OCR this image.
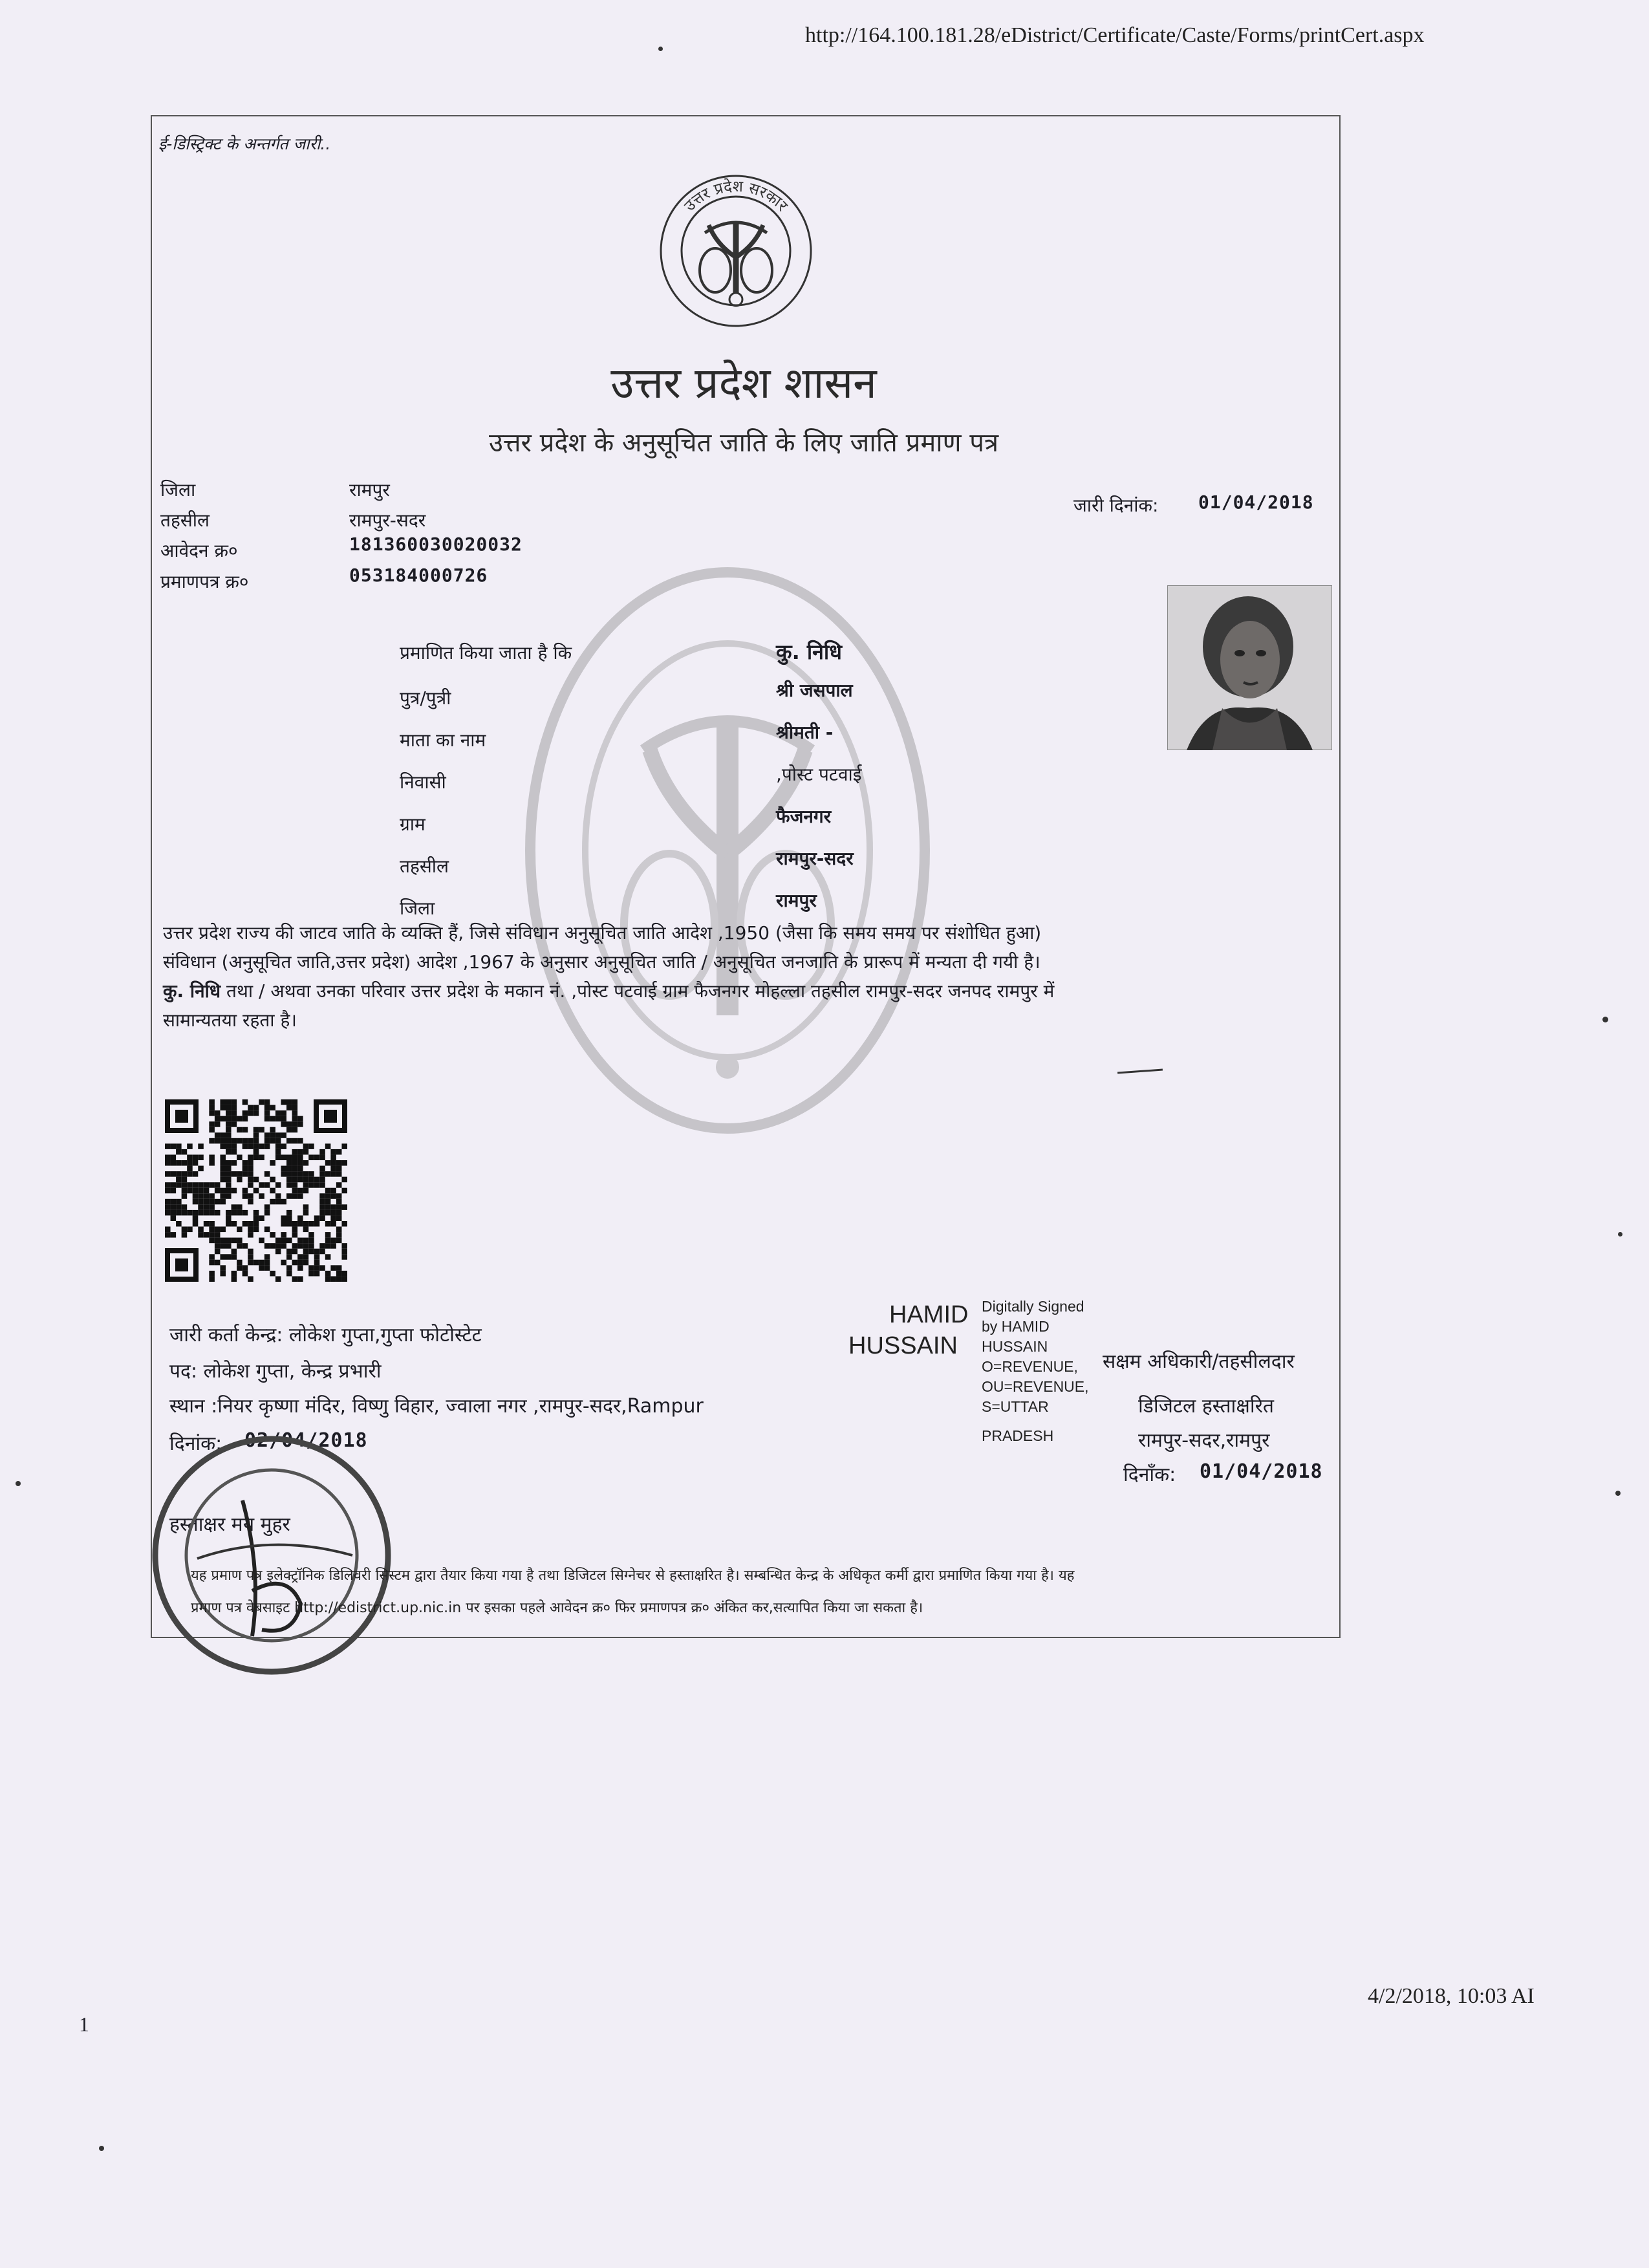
http://164.100.181.28/eDistrict/Certificate/Caste/Forms/printCert.aspx
4/2/2018, 10:03 AI
1
ई-डिस्ट्रिक्ट के अन्तर्गत जारी..
उत्तर प्रदेश सरकार
उत्तर प्रदेश शासन
उत्तर प्रदेश के अनुसूचित जाति के लिए जाति प्रमाण पत्र
जिला	रामपुर
तहसील	रामपुर-सदर
आवेदन क्र०	181360030020032
प्रमाणपत्र क्र०	053184000726
जारी दिनांक: 01/04/2018
प्रमाणित किया जाता है कि	कु. निधि
पुत्र/पुत्री	श्री जसपाल
माता का नाम	श्रीमती -
निवासी	,पोस्ट पटवाई
ग्राम	फैजनगर
तहसील	रामपुर-सदर
जिला	रामपुर

उत्तर प्रदेश राज्य की जाटव जाति के व्यक्ति हैं, जिसे संविधान अनुसूचित जाति आदेश ,1950 (जैसा कि समय समय पर संशोधित हुआ)

संविधान (अनुसूचित जाति,उत्तर प्रदेश) आदेश ,1967 के अनुसार अनुसूचित जाति / अनुसूचित जनजाति के प्रारूप में मन्यता दी गयी है।

कु. निधि तथा / अथवा उनका परिवार उत्तर प्रदेश के मकान नं. ,पोस्ट पटवाई ग्राम फैजनगर मोहल्ला तहसील रामपुर-सदर जनपद रामपुर में

सामान्यतया रहता है।

जारी कर्ता केन्द्र: लोकेश गुप्ता,गुप्ता फोटोस्टेट
पद: लोकेश गुप्ता, केन्द्र प्रभारी
स्थान :नियर कृष्णा मंदिर, विष्णु विहार, ज्वाला नगर ,रामपुर-सदर,Rampur
दिनांक: 02/04/2018
हस्ताक्षर मय मुहर
HAMID
HUSSAIN
Digitally Signed
by HAMID
HUSSAIN
O=REVENUE,
OU=REVENUE,
S=UTTAR
PRADESH
सक्षम अधिकारी/तहसीलदार
डिजिटल हस्ताक्षरित
रामपुर-सदर,रामपुर
दिनाँक: 01/04/2018
यह प्रमाण पत्र इलेक्ट्रॉनिक डिलिवरी सिस्टम द्वारा तैयार किया गया है तथा डिजिटल सिग्नेचर से हस्ताक्षरित है। सम्बन्धित केन्द्र के अधिकृत कर्मी द्वारा प्रमाणित किया गया है। यह
प्रमाण पत्र वेबसाइट http://edistrict.up.nic.in पर इसका पहले आवेदन क्र० फिर प्रमाणपत्र क्र० अंकित कर,सत्यापित किया जा सकता है।
